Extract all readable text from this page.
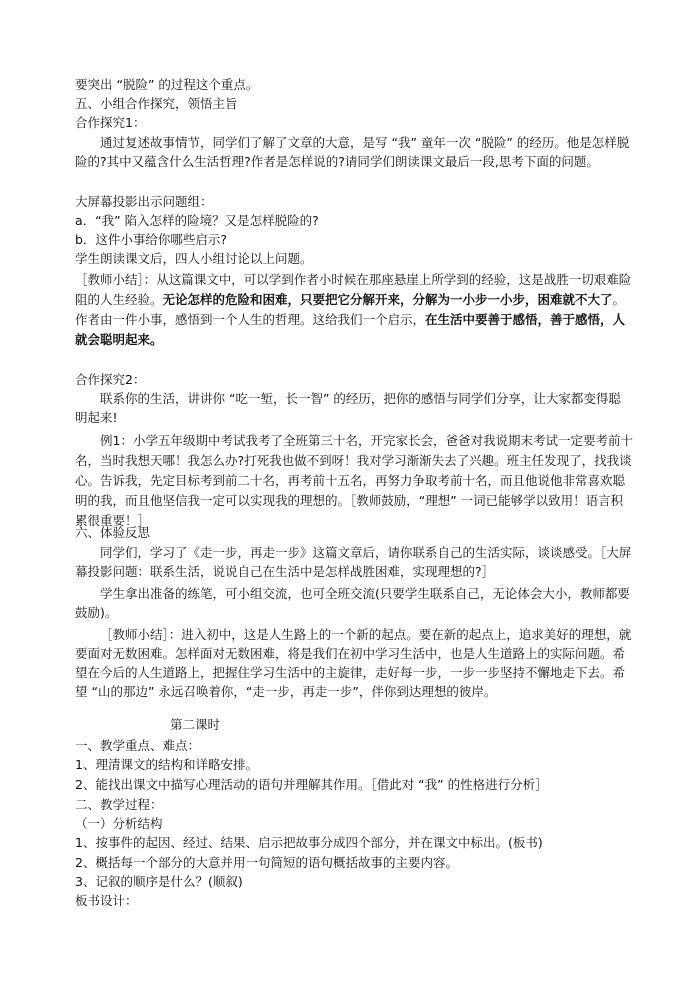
要突出 “脱险” 的过程这个重点。
五、小组合作探究，领悟主旨
合作探究1：
通过复述故事情节，同学们了解了文章的大意，是写 “我” 童年一次 “脱险” 的经历。他是怎样脱险的?其中又蕴含什么生活哲理?作者是怎样说的?请同学们朗读课文最后一段,思考下面的问题。
大屏幕投影出示问题组：
a．“我” 陷入怎样的险境？又是怎样脱险的?
b．这件小事给你哪些启示?
学生朗读课文后，四人小组讨论以上问题。
［教师小结］：从这篇课文中，可以学到作者小时候在那座悬崖上所学到的经验，这是战胜一切艰难险阻的人生经验。无论怎样的危险和困难，只要把它分解开来，分解为一小步一小步，困难就不大了。作者由一件小事，感悟到一个人生的哲理。这给我们一个启示，在生活中要善于感悟，善于感悟，人就会聪明起来。
合作探究2：
联系你的生活，讲讲你 “吃一堑，长一智” 的经历，把你的感悟与同学们分享，让大家都变得聪明起来!
例1：小学五年级期中考试我考了全班第三十名，开完家长会，爸爸对我说期末考试一定要考前十名，当时我想天哪！我怎么办?打死我也做不到呀！我对学习渐渐失去了兴趣。班主任发现了，找我谈心。告诉我，先定目标考到前二十名，再考前十五名，再努力争取考前十名，而且他说他非常喜欢聪明的我，而且他坚信我一定可以实现我的理想的。［教师鼓励，“理想” 一词已能够学以致用！语言积累很重要！］
六、体验反思
同学们，学习了《走一步，再走一步》这篇文章后，请你联系自己的生活实际，谈谈感受。［大屏幕投影问题：联系生活，说说自己在生活中是怎样战胜困难，实现理想的?］
学生拿出准备的练笔，可小组交流，也可全班交流(只要学生联系自己，无论体会大小，教师都要鼓励)。
［教师小结］：进入初中，这是人生路上的一个新的起点。要在新的起点上，追求美好的理想，就要面对无数困难。怎样面对无数困难，将是我们在初中学习生活中，也是人生道路上的实际问题。希望在今后的人生道路上，把握住学习生活中的主旋律，走好每一步，一步一步坚持不懈地走下去。希望 “山的那边” 永远召唤着你，“走一步，再走一步”，伴你到达理想的彼岸。
第二课时
一、教学重点、难点：
1、理清课文的结构和详略安排。
2、能找出课文中描写心理活动的语句并理解其作用。［借此对 “我” 的性格进行分析］
二、教学过程：
（一）分析结构
1、按事件的起因、经过、结果、启示把故事分成四个部分，并在课文中标出。(板书)
2、概括每一个部分的大意并用一句简短的语句概括故事的主要内容。
3、记叙的顺序是什么？(顺叙)
板书设计：
